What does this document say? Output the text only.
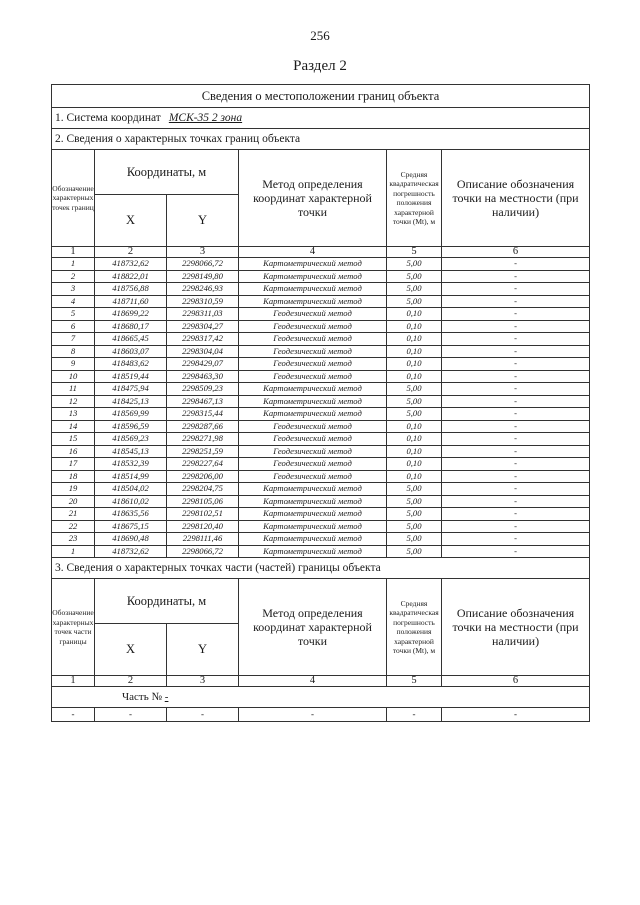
256
Раздел 2
Сведения о местоположении границ объекта					
1. Система координат МСК-35 2 зона					
2. Сведения о характерных точках границ объекта					
Обозначение характерных точек границ	Координаты, м		Метод определения координат характерной точки	Средняя квадратическая погрешность положения характерной точки (Mt), м	Описание обозначения точки на местности (при наличии)
	X	Y			
1	2	3	4	5	6
1	418732,62	2298066,72	Картометрический метод	5,00	-
2	418822,01	2298149,80	Картометрический метод	5,00	-
3	418756,88	2298246,93	Картометрический метод	5,00	-
4	418711,60	2298310,59	Картометрический метод	5,00	-
5	418699,22	2298311,03	Геодезический метод	0,10	-
6	418680,17	2298304,27	Геодезический метод	0,10	-
7	418665,45	2298317,42	Геодезический метод	0,10	-
8	418603,07	2298304,04	Геодезический метод	0,10	-
9	418483,62	2298429,07	Геодезический метод	0,10	-
10	418519,44	2298463,30	Геодезический метод	0,10	-
11	418475,94	2298509,23	Картометрический метод	5,00	-
12	418425,13	2298467,13	Картометрический метод	5,00	-
13	418569,99	2298315,44	Картометрический метод	5,00	-
14	418596,59	2298287,66	Геодезический метод	0,10	-
15	418569,23	2298271,98	Геодезический метод	0,10	-
16	418545,13	2298251,59	Геодезический метод	0,10	-
17	418532,39	2298227,64	Геодезический метод	0,10	-
18	418514,99	2298206,00	Геодезический метод	0,10	-
19	418504,02	2298204,75	Картометрический метод	5,00	-
20	418610,02	2298105,06	Картометрический метод	5,00	-
21	418635,56	2298102,51	Картометрический метод	5,00	-
22	418675,15	2298120,40	Картометрический метод	5,00	-
23	418690,48	2298111,46	Картометрический метод	5,00	-
1	418732,62	2298066,72	Картометрический метод	5,00	-
3. Сведения о характерных точках части (частей) границы объекта					
Обозначение характерных точек части границы	Координаты, м		Метод определения координат характерной точки	Средняя квадратическая погрешность положения характерной точки (Mt), м	Описание обозначения точки на местности (при наличии)
	X	Y			
1	2	3	4	5	6
Часть № -					
-	-	-	-	-	-
